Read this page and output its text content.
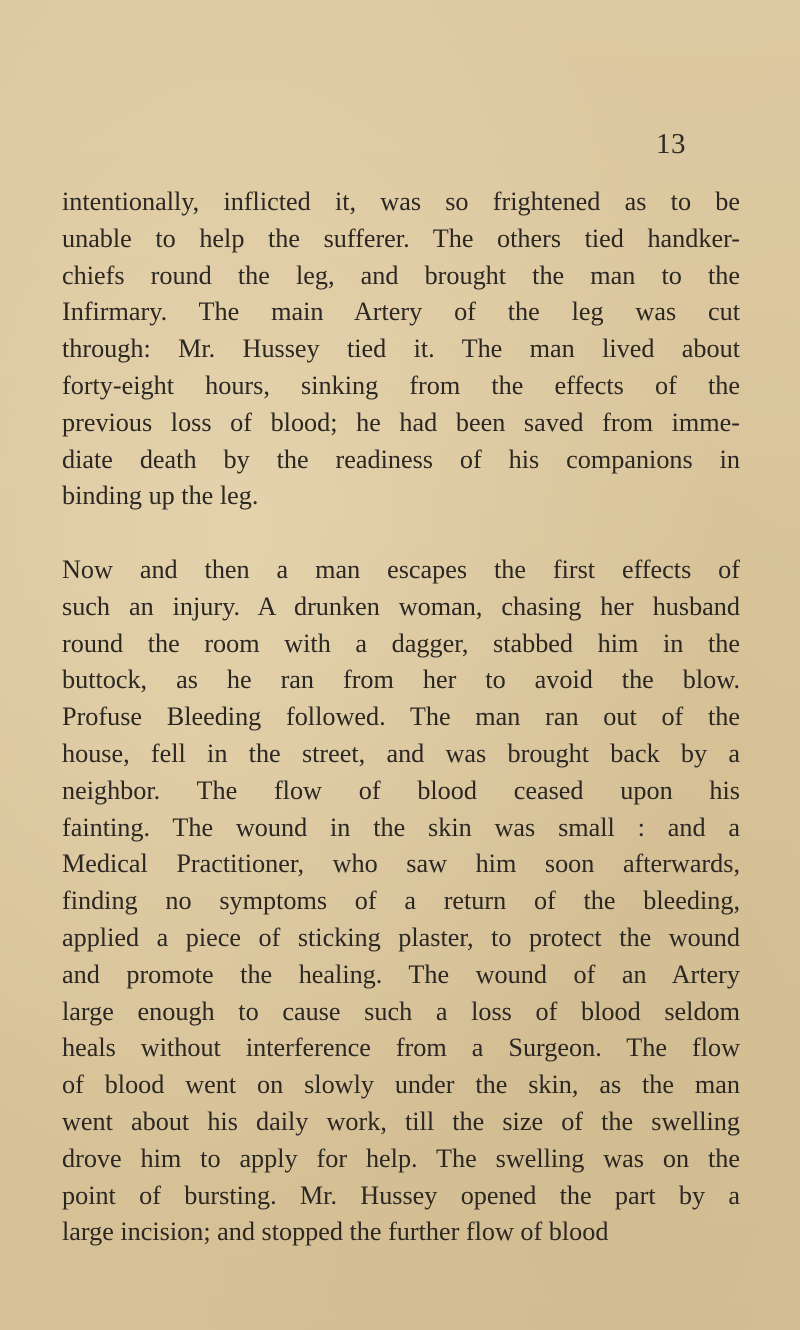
13
intentionally, inflicted it, was so frightened as to be
unable to help the sufferer. The others tied handker-
chiefs round the leg, and brought the man to the
Infirmary. The main Artery of the leg was cut
through: Mr. Hussey tied it. The man lived about
forty-eight hours, sinking from the effects of the
previous loss of blood; he had been saved from imme-
diate death by the readiness of his companions in
binding up the leg.
Now and then a man escapes the first effects of
such an injury. A drunken woman, chasing her husband
round the room with a dagger, stabbed him in the
buttock, as he ran from her to avoid the blow.
Profuse Bleeding followed. The man ran out of the
house, fell in the street, and was brought back by a
neighbor. The flow of blood ceased upon his
fainting. The wound in the skin was small : and a
Medical Practitioner, who saw him soon afterwards,
finding no symptoms of a return of the bleeding,
applied a piece of sticking plaster, to protect the wound
and promote the healing. The wound of an Artery
large enough to cause such a loss of blood seldom
heals without interference from a Surgeon. The flow
of blood went on slowly under the skin, as the man
went about his daily work, till the size of the swelling
drove him to apply for help. The swelling was on the
point of bursting. Mr. Hussey opened the part by a
large incision; and stopped the further flow of blood
